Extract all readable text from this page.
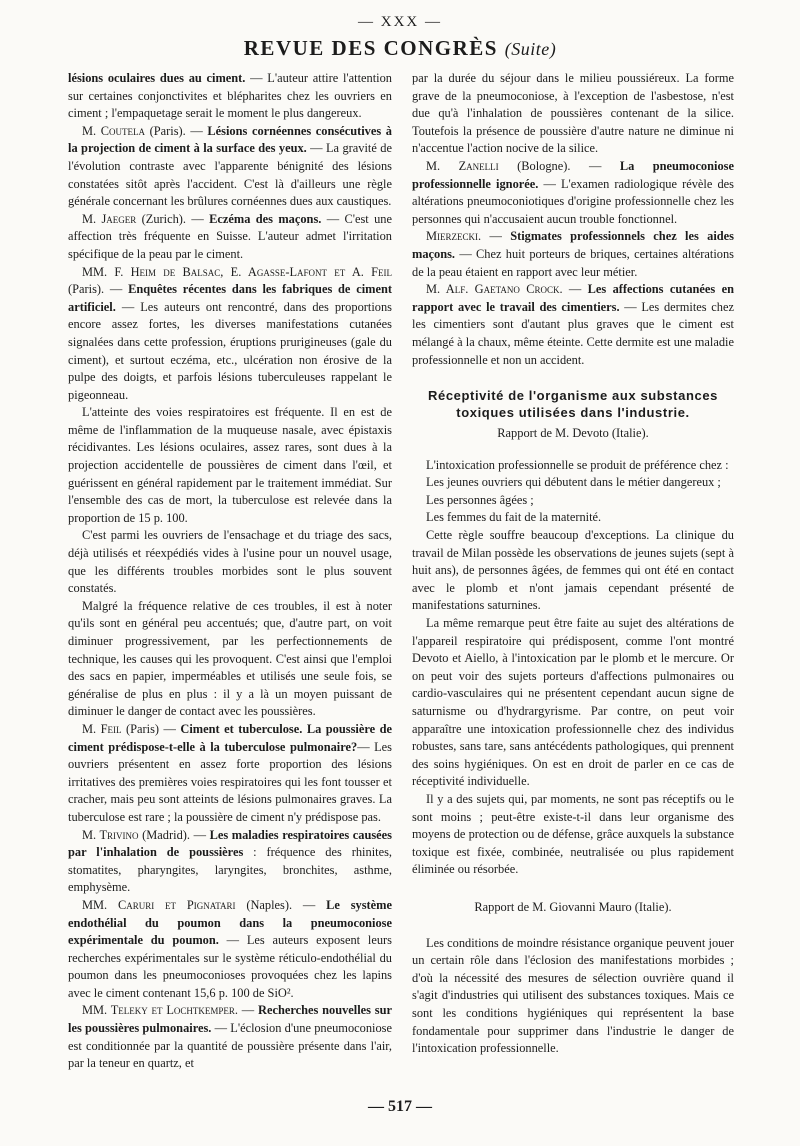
— XXX —
REVUE DES CONGRÈS (Suite)

lésions oculaires dues au ciment. — L'auteur attire l'attention sur certaines conjonctivites et blépharites chez les ouvriers en ciment ; l'empaquetage serait le moment le plus dangereux.

M. Coutela (Paris). — Lésions cornéennes consécutives à la projection de ciment à la surface des yeux. — La gravité de l'évolution contraste avec l'apparente bénignité des lésions constatées sitôt après l'accident. C'est là d'ailleurs une règle générale concernant les brûlures cornéennes dues aux caustiques.

M. Jaeger (Zurich). — Eczéma des maçons. — C'est une affection très fréquente en Suisse. L'auteur admet l'irritation spécifique de la peau par le ciment.

MM. F. Heim de Balsac, E. Agasse-Lafont et A. Feil (Paris). — Enquêtes récentes dans les fabriques de ciment artificiel. — Les auteurs ont rencontré, dans des proportions encore assez fortes, les diverses manifestations cutanées signalées dans cette profession, éruptions prurigineuses (gale du ciment), et surtout eczéma, etc., ulcération non érosive de la pulpe des doigts, et parfois lésions tuberculeuses rappelant le pigeonneau.

L'atteinte des voies respiratoires est fréquente. Il en est de même de l'inflammation de la muqueuse nasale, avec épistaxis récidivantes. Les lésions oculaires, assez rares, sont dues à la projection accidentelle de poussières de ciment dans l'œil, et guérissent en général rapidement par le traitement immédiat. Sur l'ensemble des cas de mort, la tuberculose est relevée dans la proportion de 15 p. 100.

C'est parmi les ouvriers de l'ensachage et du triage des sacs, déjà utilisés et réexpédiés vides à l'usine pour un nouvel usage, que les différents troubles morbides sont le plus souvent constatés.

Malgré la fréquence relative de ces troubles, il est à noter qu'ils sont en général peu accentués; que, d'autre part, on voit diminuer progressivement, par les perfectionnements de technique, les causes qui les provoquent. C'est ainsi que l'emploi des sacs en papier, imperméables et utilisés une seule fois, se généralise de plus en plus : il y a là un moyen puissant de diminuer le danger de contact avec les poussières.

M. Feil (Paris) — Ciment et tuberculose. La poussière de ciment prédispose-t-elle à la tuberculose pulmonaire?— Les ouvriers présentent en assez forte proportion des lésions irritatives des premières voies respiratoires qui les font tousser et cracher, mais peu sont atteints de lésions pulmonaires graves. La tuberculose est rare ; la poussière de ciment n'y prédispose pas.

M. Trivino (Madrid). — Les maladies respiratoires causées par l'inhalation de poussières : fréquence des rhinites, stomatites, pharyngites, laryngites, bronchites, asthme, emphysème.

MM. Caruri et Pignatari (Naples). — Le système endothélial du poumon dans la pneumoconiose expérimentale du poumon. — Les auteurs exposent leurs recherches expérimentales sur le système réticulo-endothélial du poumon dans les pneumoconioses provoquées chez les lapins avec le ciment contenant 15,6 p. 100 de SiO².

MM. Teleky et Lochtkemper. — Recherches nouvelles sur les poussières pulmonaires. — L'éclosion d'une pneumoconiose est conditionnée par la quantité de poussière présente dans l'air, par la teneur en quartz, et

par la durée du séjour dans le milieu poussiéreux. La forme grave de la pneumoconiose, à l'exception de l'asbestose, n'est due qu'à l'inhalation de poussières contenant de la silice. Toutefois la présence de poussière d'autre nature ne diminue ni n'accentue l'action nocive de la silice.

M. Zanelli (Bologne). — La pneumoconiose professionnelle ignorée. — L'examen radiologique révèle des altérations pneumoconiotiques d'origine professionnelle chez les personnes qui n'accusaient aucun trouble fonctionnel.

Mierzecki. — Stigmates professionnels chez les aides maçons. — Chez huit porteurs de briques, certaines altérations de la peau étaient en rapport avec leur métier.

M. Alf. Gaetano Crock. — Les affections cutanées en rapport avec le travail des cimentiers. — Les dermites chez les cimentiers sont d'autant plus graves que le ciment est mélangé à la chaux, même éteinte. Cette dermite est une maladie professionnelle et non un accident.

Réceptivité de l'organisme aux substances toxiques utilisées dans l'industrie.

Rapport de M. Devoto (Italie).

L'intoxication professionnelle se produit de préférence chez :

Les jeunes ouvriers qui débutent dans le métier dangereux ;

Les personnes âgées ;

Les femmes du fait de la maternité.

Cette règle souffre beaucoup d'exceptions. La clinique du travail de Milan possède les observations de jeunes sujets (sept à huit ans), de personnes âgées, de femmes qui ont été en contact avec le plomb et n'ont jamais cependant présenté de manifestations saturnines.

La même remarque peut être faite au sujet des altérations de l'appareil respiratoire qui prédisposent, comme l'ont montré Devoto et Aiello, à l'intoxication par le plomb et le mercure. Or on peut voir des sujets porteurs d'affections pulmonaires ou cardio-vasculaires qui ne présentent cependant aucun signe de saturnisme ou d'hydrargyrisme. Par contre, on peut voir apparaître une intoxication professionnelle chez des individus robustes, sans tare, sans antécédents pathologiques, qui prennent des soins hygiéniques. On est en droit de parler en ce cas de réceptivité individuelle.

Il y a des sujets qui, par moments, ne sont pas réceptifs ou le sont moins ; peut-être existe-t-il dans leur organisme des moyens de protection ou de défense, grâce auxquels la substance toxique est fixée, combinée, neutralisée ou plus rapidement éliminée ou résorbée.

Rapport de M. Giovanni Mauro (Italie).

Les conditions de moindre résistance organique peuvent jouer un certain rôle dans l'éclosion des manifestations morbides ; d'où la nécessité des mesures de sélection ouvrière quand il s'agit d'industries qui utilisent des substances toxiques. Mais ce sont les conditions hygiéniques qui représentent la base fondamentale pour supprimer dans l'industrie le danger de l'intoxication professionnelle.

— 517 —
